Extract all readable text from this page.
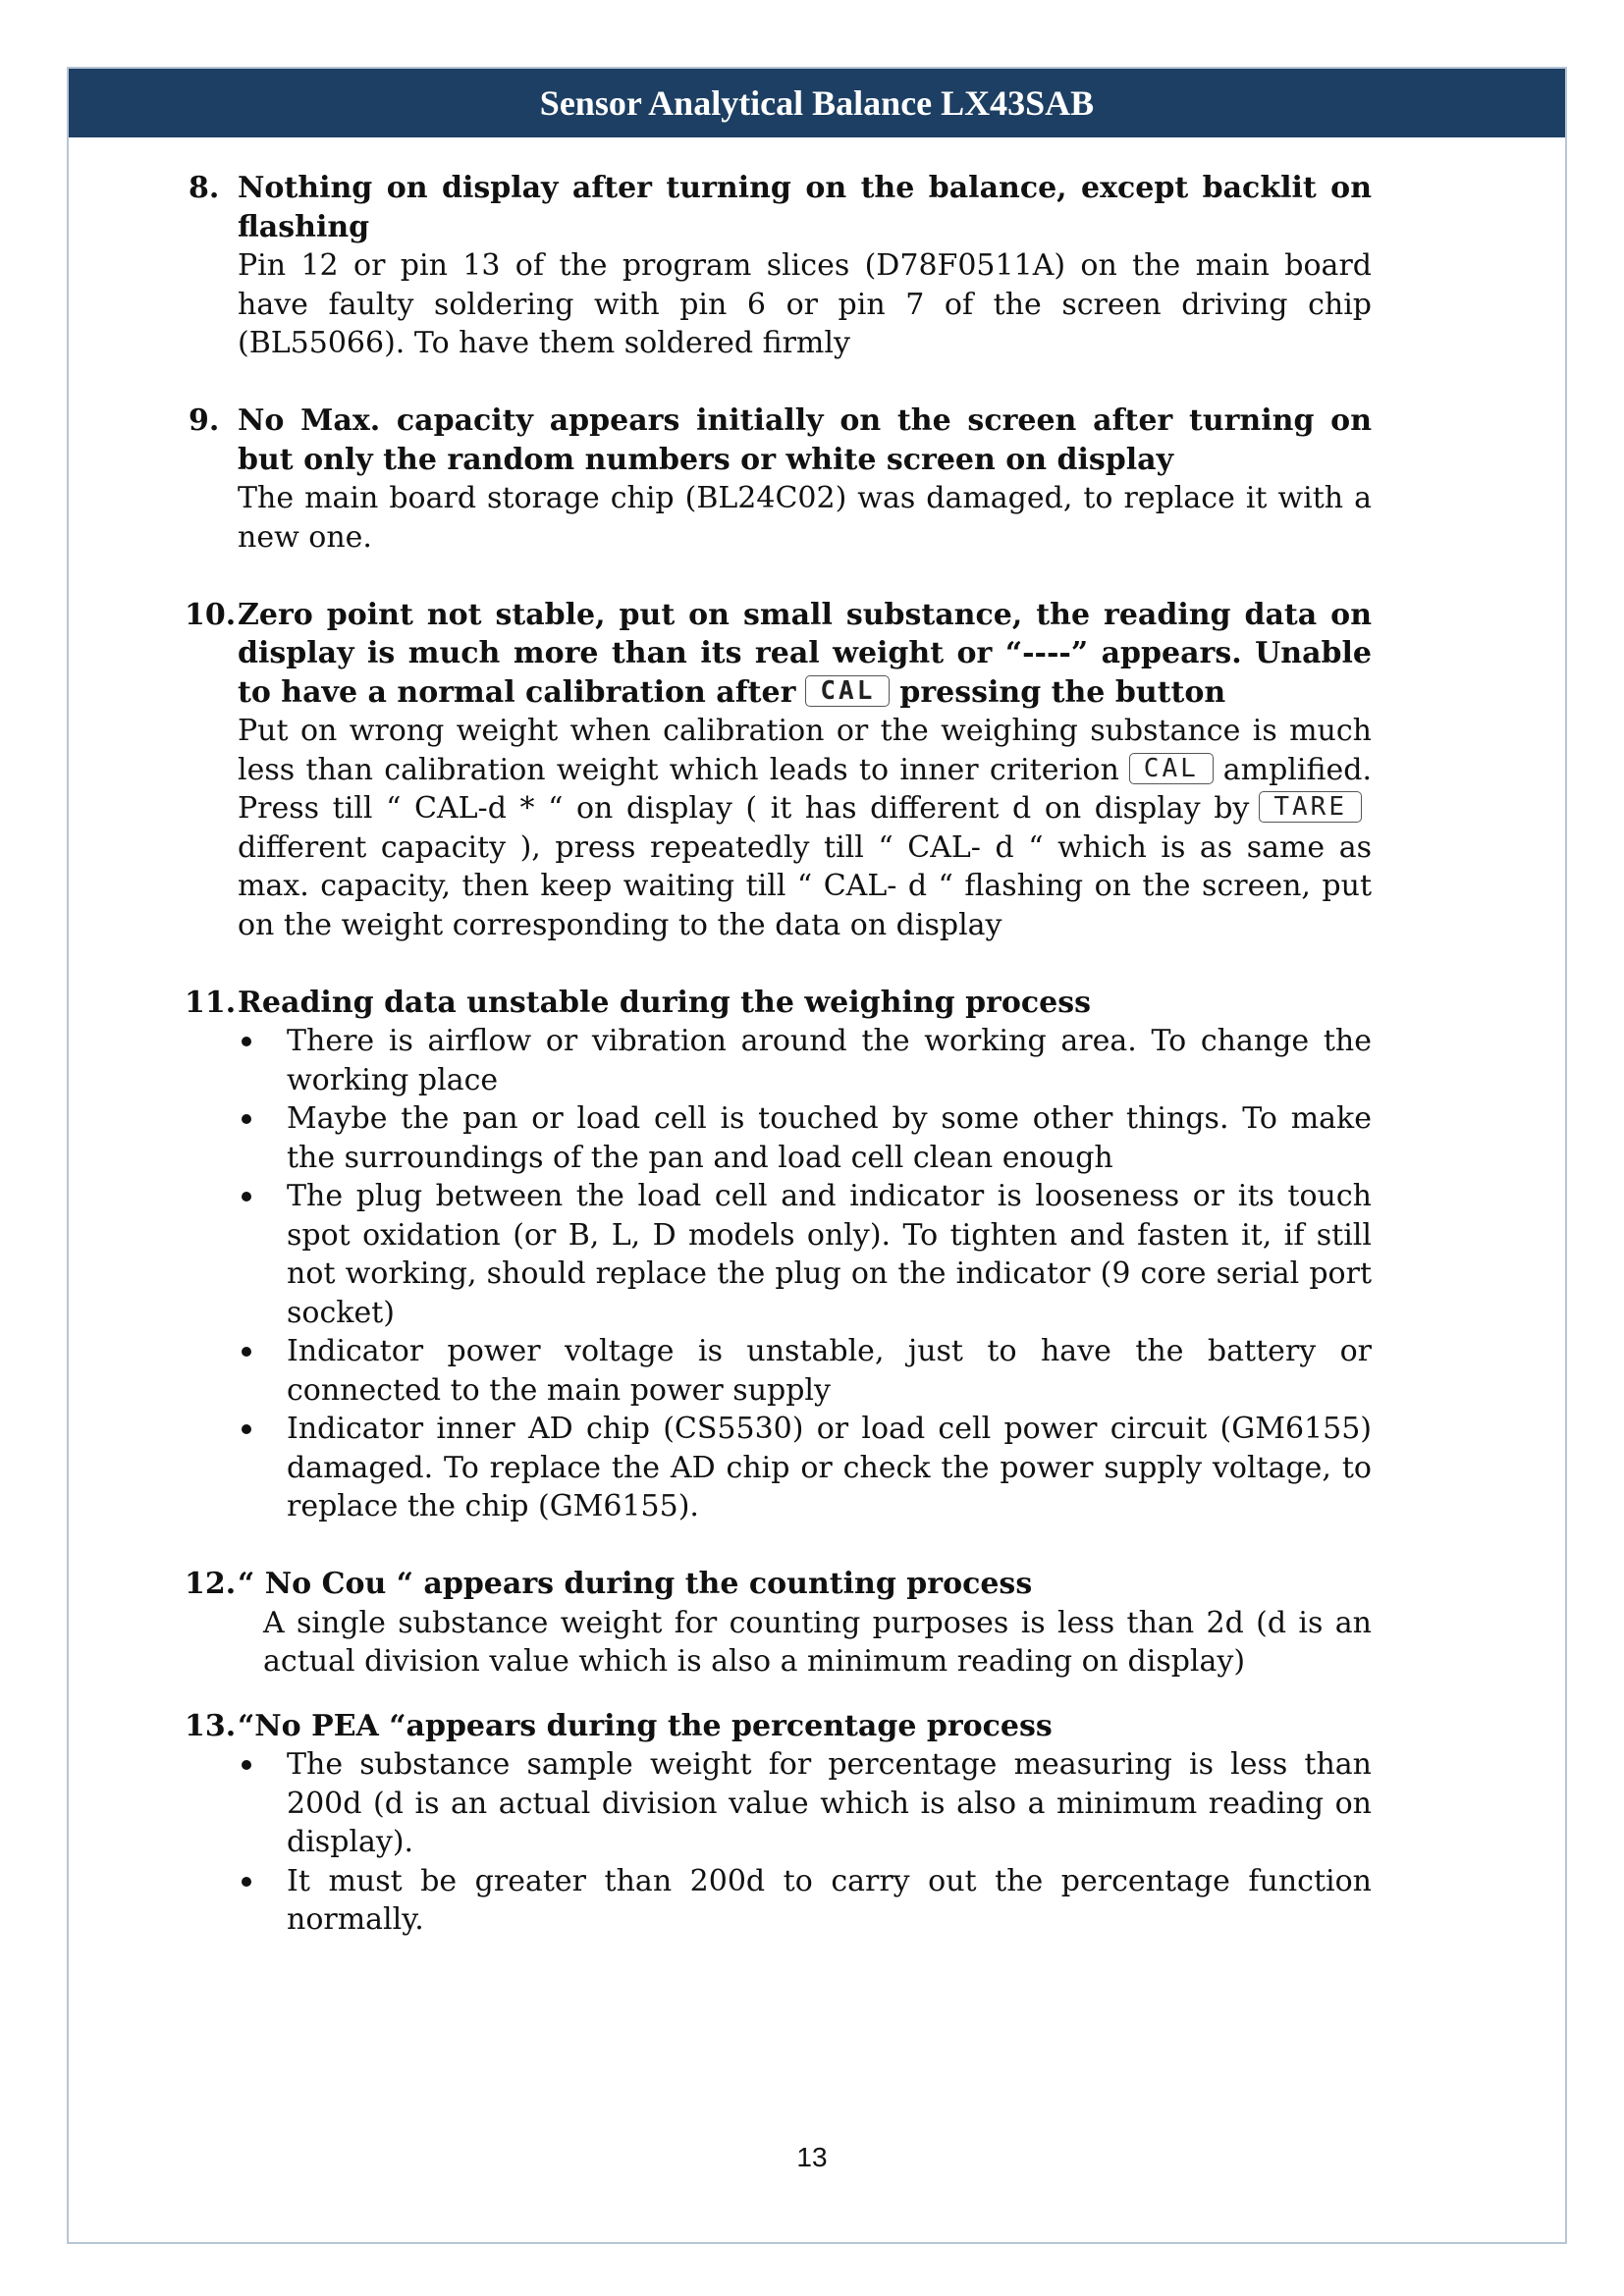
Sensor Analytical Balance LX43SAB
8. Nothing on display after turning on the balance, except backlit on flashing
Pin 12 or pin 13 of the program slices (D78F0511A) on the main board have faulty soldering with pin 6 or pin 7 of the screen driving chip (BL55066). To have them soldered firmly
9. No Max. capacity appears initially on the screen after turning on but only the random numbers or white screen on display
The main board storage chip (BL24C02) was damaged, to replace it with a new one.
10. Zero point not stable, put on small substance, the reading data on display is much more than its real weight or “----” appears. Unable to have a normal calibration after CAL pressing the button
Put on wrong weight when calibration or the weighing substance is much less than calibration weight which leads to inner criterion CAL amplified. Press till “ CAL-d * “ on display ( it has different d on display by TAREdifferent capacity ), press repeatedly till “ CAL- d “ which is as same as max. capacity, then keep waiting till “ CAL- d “ flashing on the screen, put on the weight corresponding to the data on display
11. Reading data unstable during the weighing process
There is airflow or vibration around the working area. To change the working place
Maybe the pan or load cell is touched by some other things. To make the surroundings of the pan and load cell clean enough
The plug between the load cell and indicator is looseness or its touch spot oxidation (or B, L, D models only). To tighten and fasten it, if still not working, should replace the plug on the indicator (9 core serial port socket)
Indicator power voltage is unstable, just to have the battery or connected to the main power supply
Indicator inner AD chip (CS5530) or load cell power circuit (GM6155) damaged. To replace the AD chip or check the power supply voltage, to replace the chip (GM6155).
12. “ No Cou “ appears during the counting process
A single substance weight for counting purposes is less than 2d (d is an actual division value which is also a minimum reading on display)
13. “No PEA “appears during the percentage process
The substance sample weight for percentage measuring is less than 200d (d is an actual division value which is also a minimum reading on display).
It must be greater than 200d to carry out the percentage function normally.
13
